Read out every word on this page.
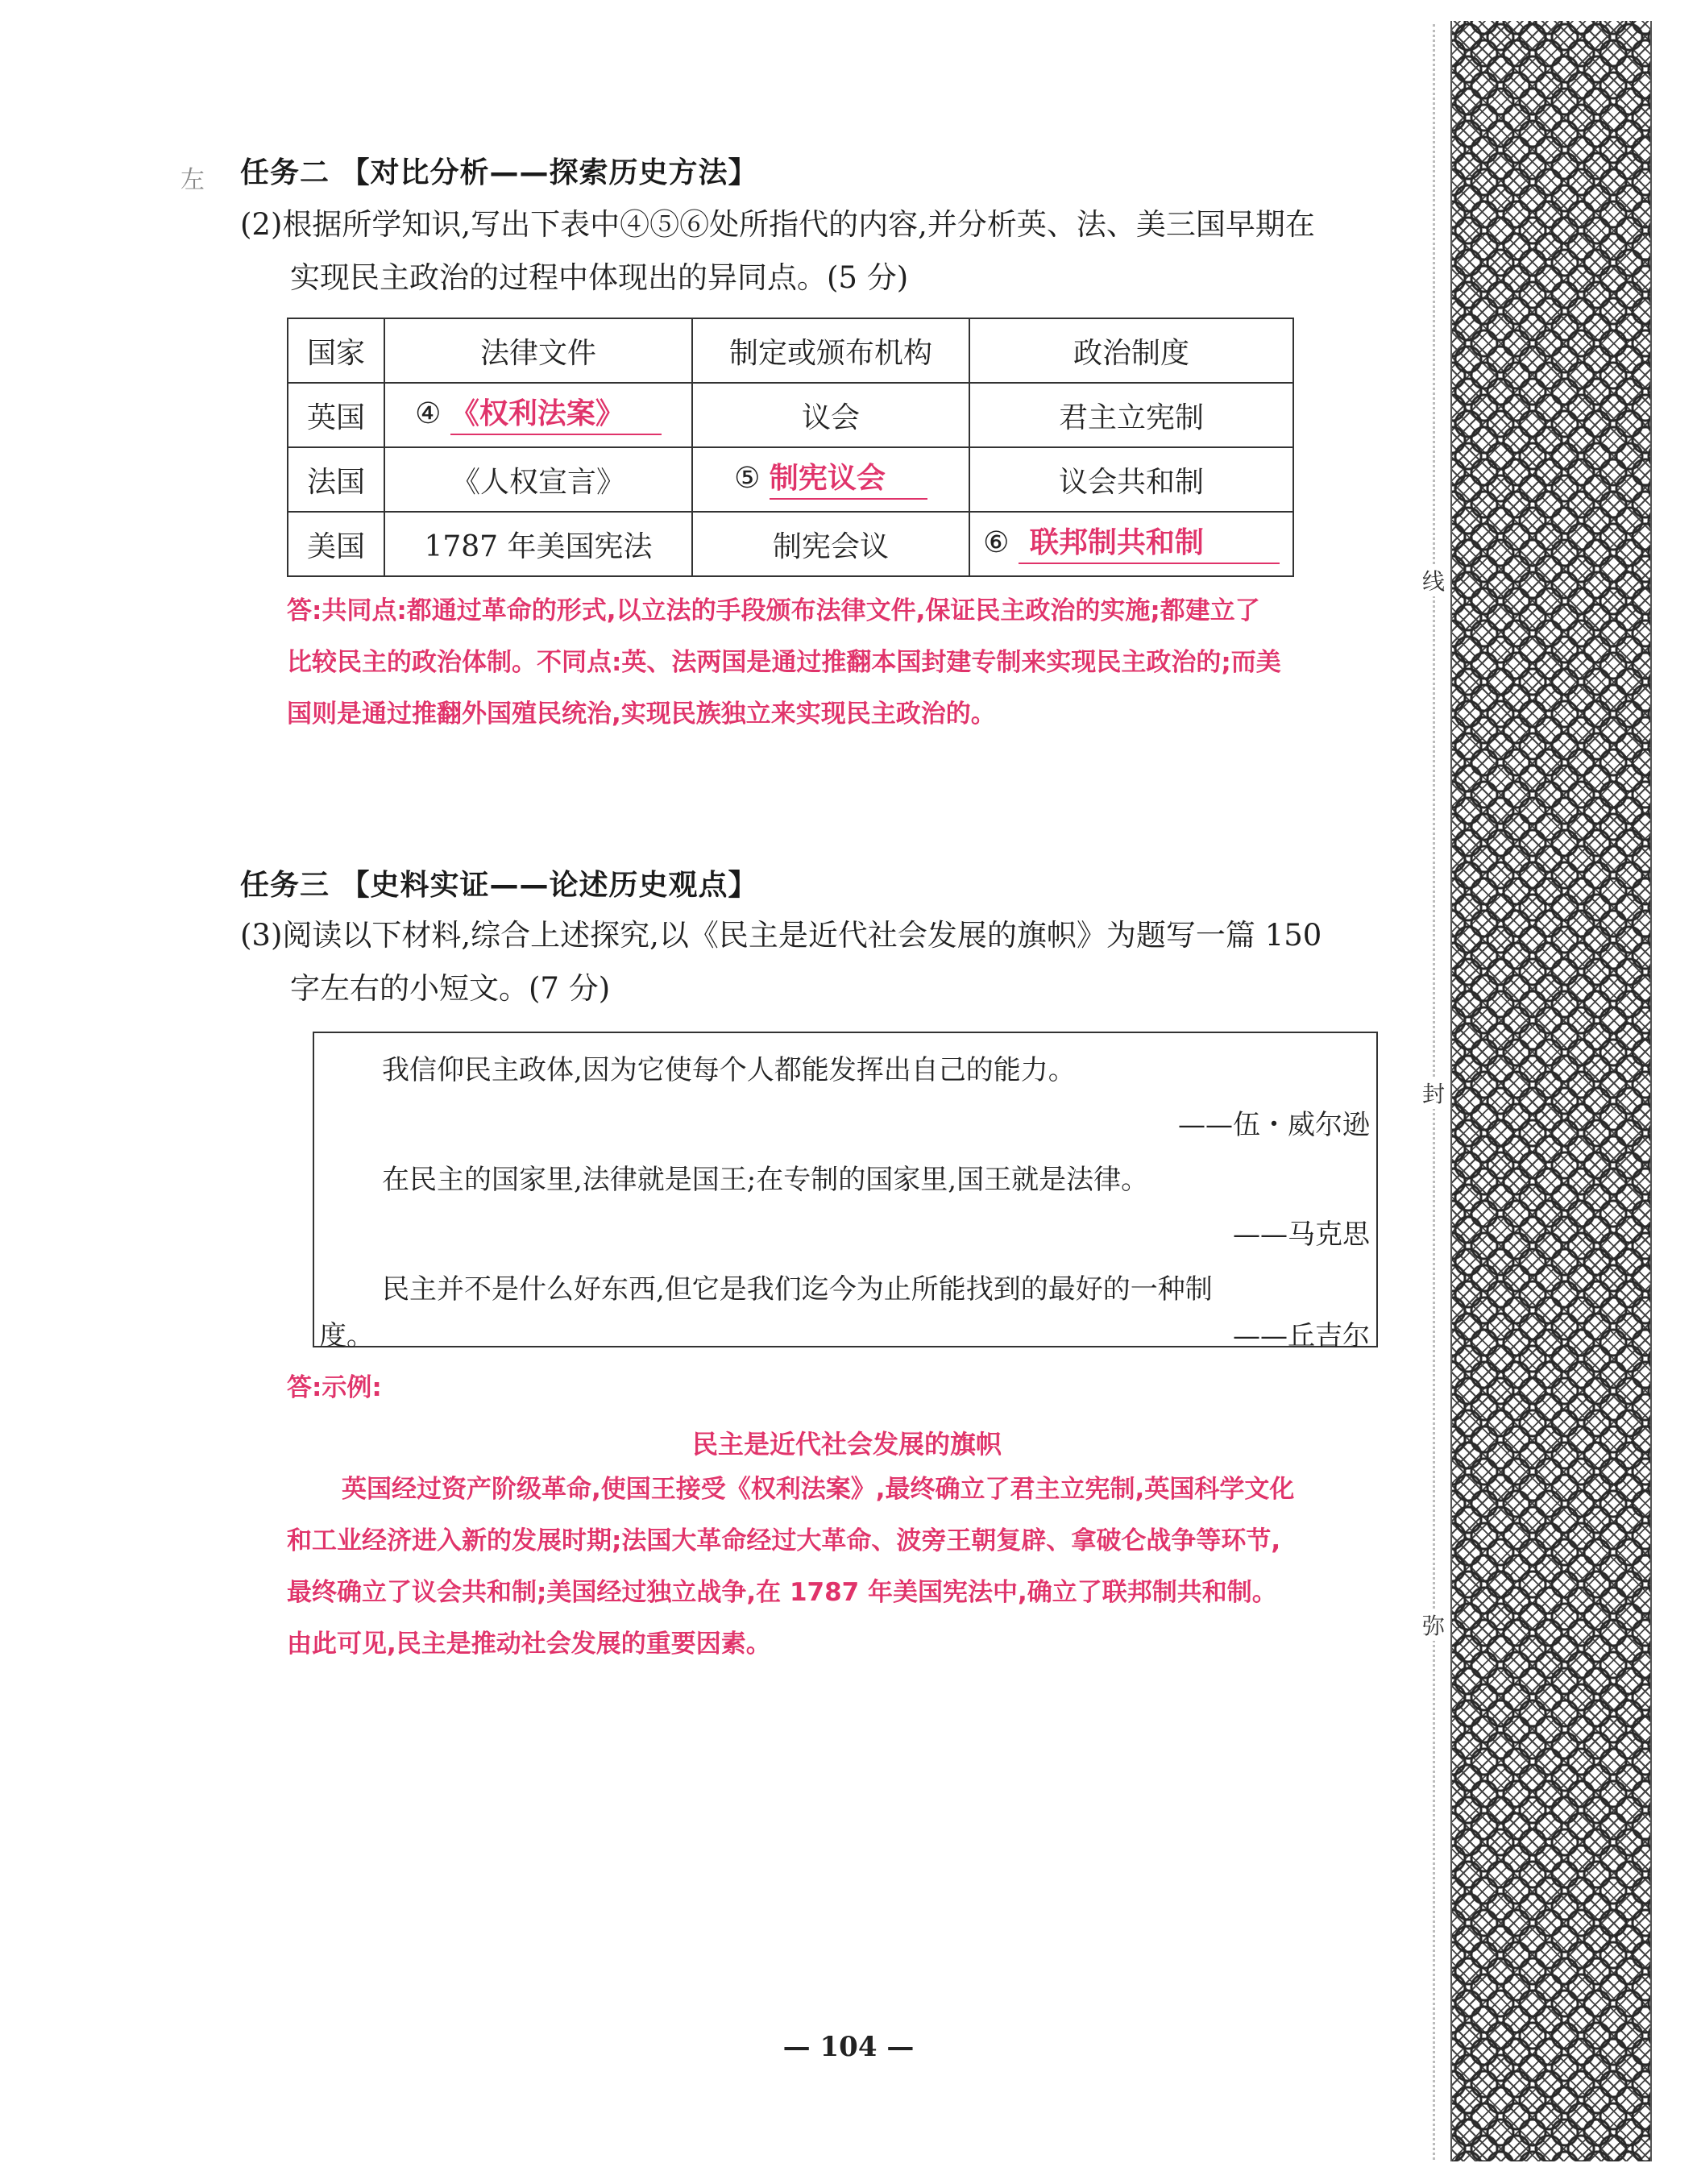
左 任务二 【对比分析——探索历史方法】
(2)根据所学知识,写出下表中④⑤⑥处所指代的内容,并分析英、法、美三国早期在
实现民主政治的过程中体现出的异同点。(5 分)
国家	法律文件	制定或颁布机构	政治制度
英国	④ 《权利法案》	议会	君主立宪制
法国	《人权宣言》	⑤ 制宪议会	议会共和制
美国	1787 年美国宪法	制宪会议	⑥ 联邦制共和制
答:共同点:都通过革命的形式,以立法的手段颁布法律文件,保证民主政治的实施;都建立了
比较民主的政治体制。不同点:英、法两国是通过推翻本国封建专制来实现民主政治的;而美
国则是通过推翻外国殖民统治,实现民族独立来实现民主政治的。
任务三 【史料实证——论述历史观点】
(3)阅读以下材料,综合上述探究,以《民主是近代社会发展的旗帜》为题写一篇 150
字左右的小短文。(7 分)
我信仰民主政体,因为它使每个人都能发挥出自己的能力。
——伍・威尔逊
在民主的国家里,法律就是国王;在专制的国家里,国王就是法律。
——马克思
民主并不是什么好东西,但它是我们迄今为止所能找到的最好的一种制
度。	——丘吉尔
答:示例:
民主是近代社会发展的旗帜
英国经过资产阶级革命,使国王接受《权利法案》,最终确立了君主立宪制,英国科学文化
和工业经济进入新的发展时期;法国大革命经过大革命、波旁王朝复辟、拿破仑战争等环节,
最终确立了议会共和制;美国经过独立战争,在 1787 年美国宪法中,确立了联邦制共和制。
由此可见,民主是推动社会发展的重要因素。
— 104 —
线
封
弥
